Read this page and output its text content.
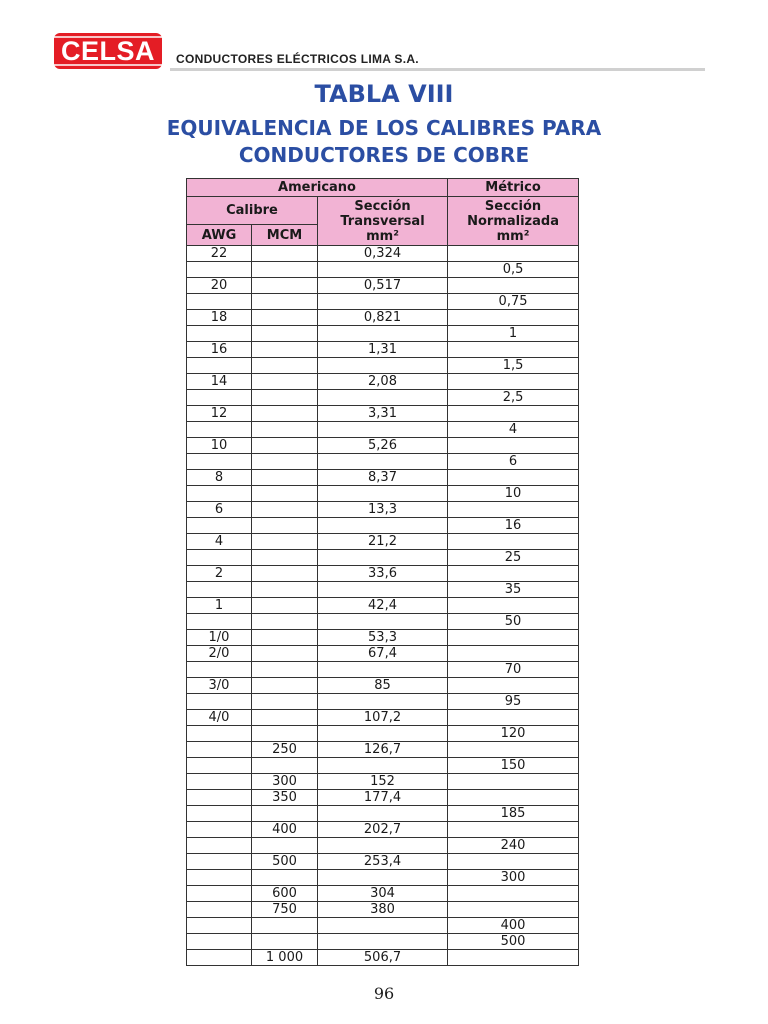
CELSA CONDUCTORES ELÉCTRICOS LIMA S.A.
TABLA VIII
EQUIVALENCIA DE LOS CALIBRES PARA
CONDUCTORES DE COBRE
Americano			Métrico
Calibre		Sección Transversal mm²	Sección Normalizada mm²
AWG	MCM		
22		0,324	
			0,5
20		0,517	
			0,75
18		0,821	
			1
16		1,31	
			1,5
14		2,08	
			2,5
12		3,31	
			4
10		5,26	
			6
8		8,37	
			10
6		13,3	
			16
4		21,2	
			25
2		33,6	
			35
1		42,4	
			50
1/0		53,3	
2/0		67,4	
			70
3/0		85	
			95
4/0		107,2	
			120
	250	126,7	
			150
	300	152	
	350	177,4	
			185
	400	202,7	
			240
	500	253,4	
			300
	600	304	
	750	380	
			400
			500
	1 000	506,7	
96
